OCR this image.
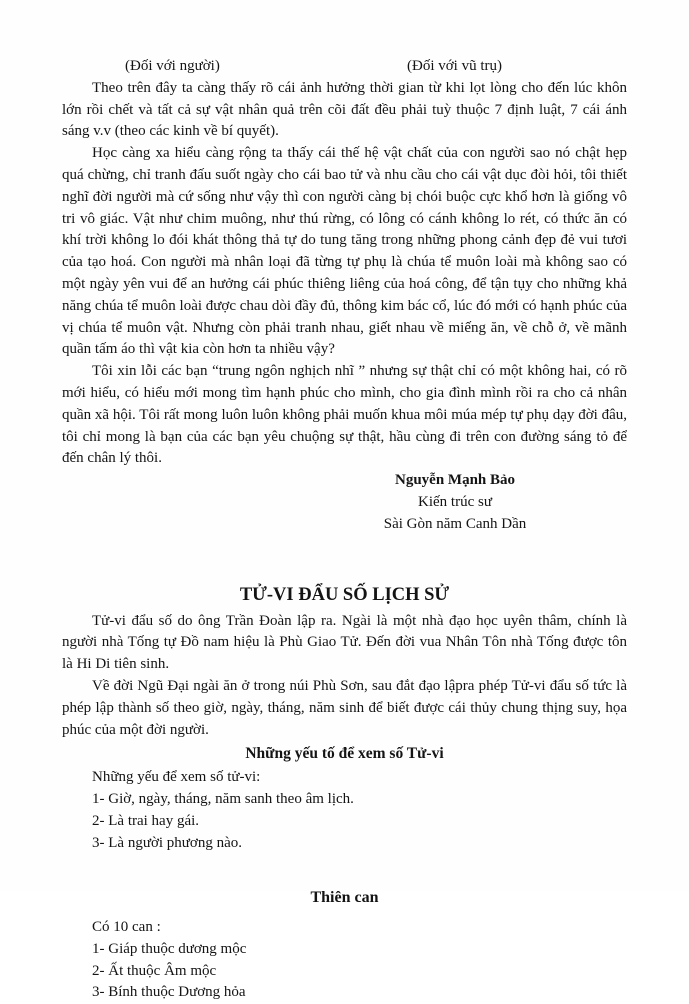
(Đối với người)	(Đối với vũ trụ)

Theo trên đây ta càng thấy rõ cái ảnh hưởng thời gian từ khi lọt lòng cho đến lúc khôn lớn rồi chết và tất cả sự vật nhân quả trên cõi đất đều phải tuỳ thuộc 7 định luật, 7 cái ánh sáng v.v (theo các kinh về bí quyết).

Học càng xa hiểu càng rộng ta thấy cái thế hệ vật chất của con người sao nó chật hẹp quá chừng, chỉ tranh đấu suốt ngày cho cái bao tử và nhu cầu cho cái vật dục đòi hỏi, tôi thiết nghĩ đời người mà cứ sống như vậy thì con người càng bị chói buộc cực khổ hơn là giống vô tri vô giác. Vật như chim muông, như thú rừng, có lông có cánh không lo rét, có thức ăn có khí trời không lo đói khát thông thả tự do tung tăng trong những phong cảnh đẹp đẻ vui tươi của tạo hoá. Con người mà nhân loại đã từng tự phụ là chúa tể muôn loài mà không sao có một ngày yên vui để an hưởng cái phúc thiêng liêng của hoá công, để tận tụy cho những khả năng chúa tể muôn loài được chau dòi đầy đủ, thông kim bác cổ, lúc đó mới có hạnh phúc của vị chúa tể muôn vật. Nhưng còn phải tranh nhau, giết nhau về miếng ăn, về chỗ ở, về mãnh quần tấm áo thì vật kia còn hơn ta nhiều vậy?

Tôi xin lỗi các bạn “trung ngôn nghịch nhĩ ” nhưng sự thật chỉ có một không hai, có rõ mới hiểu, có hiểu mới mong tìm hạnh phúc cho mình, cho gia đình mình rồi ra cho cả nhân quần xã hội. Tôi rất mong luôn luôn không phải muốn khua môi múa mép tự phụ dạy đời đâu, tôi chỉ mong là bạn của các bạn yêu chuộng sự thật, hầu cùng đi trên con đường sáng tỏ để đến chân lý thôi.

Nguyễn Mạnh Bảo
Kiến trúc sư
Sài Gòn năm Canh Dần
TỬ-VI ĐẨU SỐ LỊCH SỬ

Tử-vi đẩu số do ông Trần Đoàn lập ra. Ngài là một nhà đạo học uyên thâm, chính là người nhà Tống tự Đồ nam hiệu là Phù Giao Tử. Đến đời vua Nhân Tôn nhà Tống được tôn là Hi Di tiên sinh.

Về đời Ngũ Đại ngài ăn ở trong núi Phù Sơn, sau đắt đạo lậpra phép Tử-vi đẩu số tức là phép lập thành số theo giờ, ngày, tháng, năm sinh để biết được cái thủy chung thịng suy, họa phúc của một đời người.

Những yếu tố để xem số Tử-vi
Những yếu để xem số tử-vi:
1- Giờ, ngày, tháng, năm sanh theo âm lịch.
2- Là trai hay gái.
3- Là người phương nào.
Thiên can
Có 10 can :
1- Giáp thuộc dương mộc
2- Ất thuộc Âm mộc
3- Bính thuộc Dương hỏa
